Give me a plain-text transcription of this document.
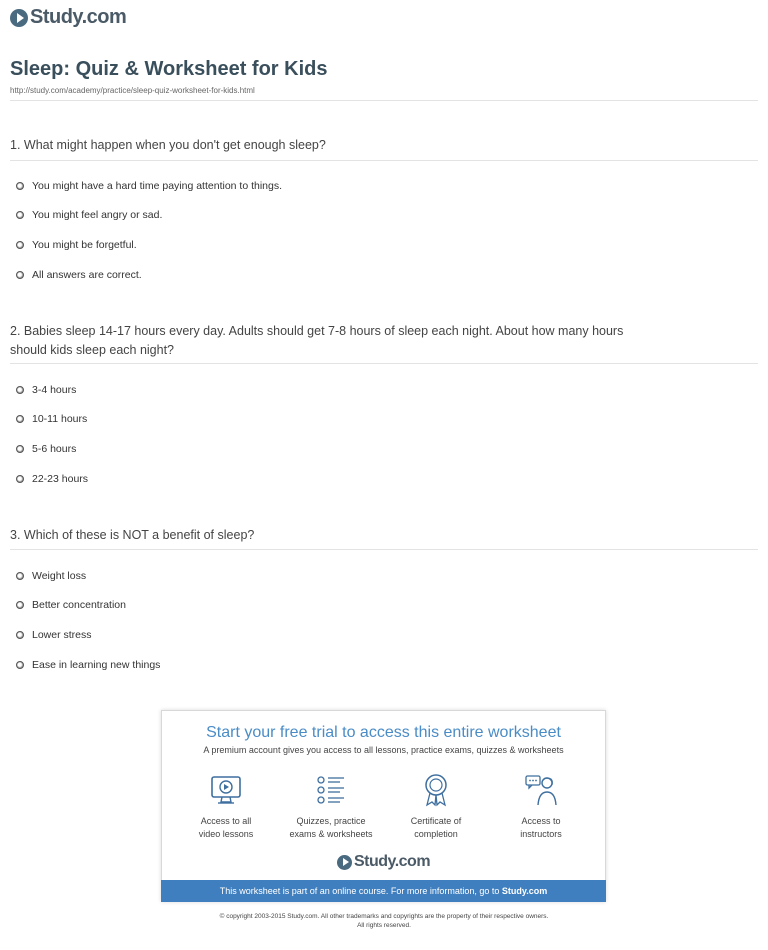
Study.com
Sleep: Quiz & Worksheet for Kids
http://study.com/academy/practice/sleep-quiz-worksheet-for-kids.html
1. What might happen when you don't get enough sleep?
You might have a hard time paying attention to things.
You might feel angry or sad.
You might be forgetful.
All answers are correct.
2. Babies sleep 14-17 hours every day. Adults should get 7-8 hours of sleep each night. About how many hours should kids sleep each night?
3-4 hours
10-11 hours
5-6 hours
22-23 hours
3. Which of these is NOT a benefit of sleep?
Weight loss
Better concentration
Lower stress
Ease in learning new things
Start your free trial to access this entire worksheet
A premium account gives you access to all lessons, practice exams, quizzes & worksheets
Access to all
video lessons
Quizzes, practice
exams & worksheets
Certificate of
completion
Access to
instructors
Study.com
This worksheet is part of an online course. For more information, go to Study.com
© copyright 2003-2015 Study.com. All other trademarks and copyrights are the property of their respective owners.
All rights reserved.
